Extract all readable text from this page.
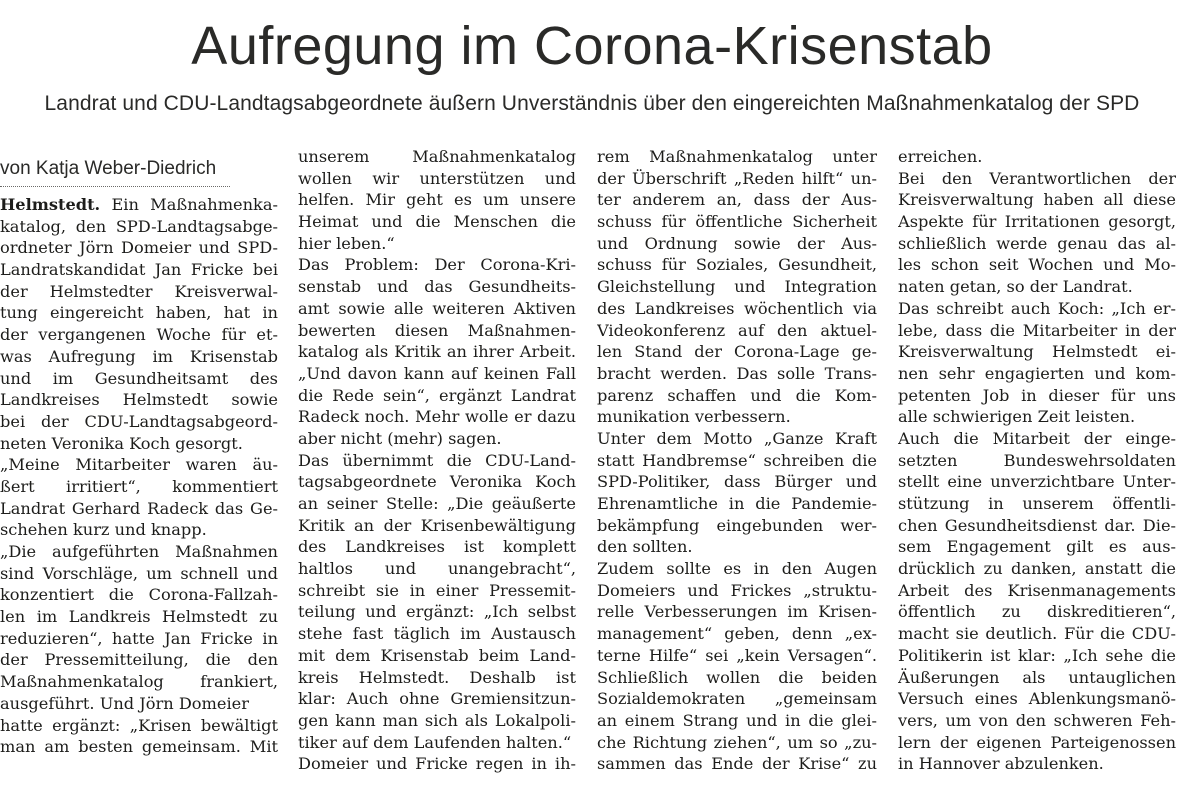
Aufregung im Corona-Krisenstab
Landrat und CDU-Landtagsabgeordnete äußern Unverständnis über den eingereichten Maßnahmenkatalog der SPD
von Katja Weber-Diedrich
Helmstedt. Ein Maßnahmenka-
katalog, den SPD-Landtagsabge-
ordneter Jörn Domeier und SPD-
Landratskandidat Jan Fricke bei
der Helmstedter Kreisverwal-
tung eingereicht haben, hat in
der vergangenen Woche für et-
was Aufregung im Krisenstab
und im Gesundheitsamt des
Landkreises Helmstedt sowie
bei der CDU-Landtagsabgeord-
neten Veronika Koch gesorgt.
„Meine Mitarbeiter waren äu-
ßert irritiert“, kommentiert
Landrat Gerhard Radeck das Ge-
schehen kurz und knapp.
„Die aufgeführten Maßnahmen
sind Vorschläge, um schnell und
konzentiert die Corona-Fallzah-
len im Landkreis Helmstedt zu
reduzieren“, hatte Jan Fricke in
der Pressemitteilung, die den
Maßnahmenkatalog frankiert,
ausgeführt. Und Jörn Domeier
hatte ergänzt: „Krisen bewältigt
man am besten gemeinsam. Mit
unserem Maßnahmenkatalog
wollen wir unterstützen und
helfen. Mir geht es um unsere
Heimat und die Menschen die
hier leben.“
Das Problem: Der Corona-Kri-
senstab und das Gesundheits-
amt sowie alle weiteren Aktiven
bewerten diesen Maßnahmen-
katalog als Kritik an ihrer Arbeit.
„Und davon kann auf keinen Fall
die Rede sein“, ergänzt Landrat
Radeck noch. Mehr wolle er dazu
aber nicht (mehr) sagen.
Das übernimmt die CDU-Land-
tagsabgeordnete Veronika Koch
an seiner Stelle: „Die geäußerte
Kritik an der Krisenbewältigung
des Landkreises ist komplett
haltlos und unangebracht“,
schreibt sie in einer Pressemit-
teilung und ergänzt: „Ich selbst
stehe fast täglich im Austausch
mit dem Krisenstab beim Land-
kreis Helmstedt. Deshalb ist
klar: Auch ohne Gremiensitzun-
gen kann man sich als Lokalpoli-
tiker auf dem Laufenden halten.“
Domeier und Fricke regen in ih-
rem Maßnahmenkatalog unter
der Überschrift „Reden hilft“ un-
ter anderem an, dass der Aus-
schuss für öffentliche Sicherheit
und Ordnung sowie der Aus-
schuss für Soziales, Gesundheit,
Gleichstellung und Integration
des Landkreises wöchentlich via
Videokonferenz auf den aktuel-
len Stand der Corona-Lage ge-
bracht werden. Das solle Trans-
parenz schaffen und die Kom-
munikation verbessern.
Unter dem Motto „Ganze Kraft
statt Handbremse“ schreiben die
SPD-Politiker, dass Bürger und
Ehrenamtliche in die Pandemie-
bekämpfung eingebunden wer-
den sollten.
Zudem sollte es in den Augen
Domeiers und Frickes „struktu-
relle Verbesserungen im Krisen-
management“ geben, denn „ex-
terne Hilfe“ sei „kein Versagen“.
Schließlich wollen die beiden
Sozialdemokraten „gemeinsam
an einem Strang und in die glei-
che Richtung ziehen“, um so „zu-
sammen das Ende der Krise“ zu
erreichen.
Bei den Verantwortlichen der
Kreisverwaltung haben all diese
Aspekte für Irritationen gesorgt,
schließlich werde genau das al-
les schon seit Wochen und Mo-
naten getan, so der Landrat.
Das schreibt auch Koch: „Ich er-
lebe, dass die Mitarbeiter in der
Kreisverwaltung Helmstedt ei-
nen sehr engagierten und kom-
petenten Job in dieser für uns
alle schwierigen Zeit leisten.
Auch die Mitarbeit der einge-
setzten Bundeswehrsoldaten
stellt eine unverzichtbare Unter-
stützung in unserem öffentli-
chen Gesundheitsdienst dar. Die-
sem Engagement gilt es aus-
drücklich zu danken, anstatt die
Arbeit des Krisenmanagements
öffentlich zu diskreditieren“,
macht sie deutlich. Für die CDU-
Politikerin ist klar: „Ich sehe die
Äußerungen als untauglichen
Versuch eines Ablenkungsmanö-
vers, um von den schweren Feh-
lern der eigenen Parteigenossen
in Hannover abzulenken.
